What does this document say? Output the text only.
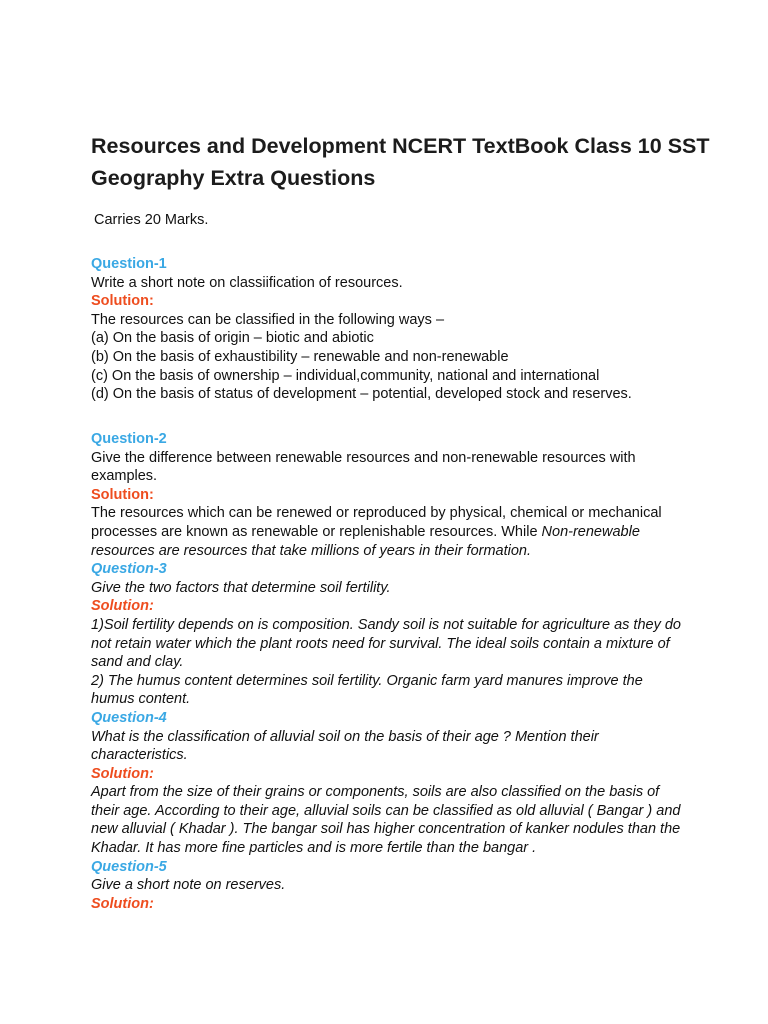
Resources and Development NCERT TextBook Class 10 SST Geography Extra Questions
Carries 20 Marks.

Question-1

Write a short note on classiification of resources.

Solution:

The resources can be classified in the following ways –

(a) On the basis of origin – biotic and abiotic

(b) On the basis of exhaustibility – renewable and non-renewable

(c) On the basis of ownership – individual,community, national and international

(d) On the basis of status of development – potential, developed stock and reserves.

Question-2

Give the difference between renewable resources and non-renewable resources with examples.

Solution:

The resources which can be renewed or reproduced by physical, chemical or mechanical processes are known as renewable or replenishable resources. While Non-renewable resources are resources that take millions of years in their formation.

Question-3

Give the two factors that determine soil fertility.

Solution:

1)Soil fertility depends on is composition. Sandy soil is not suitable for agriculture as they do not retain water which the plant roots need for survival. The ideal soils contain a mixture of sand and clay.

2) The humus content determines soil fertility. Organic farm yard manures improve the humus content.

Question-4

What is the classification of alluvial soil on the basis of their age ? Mention their characteristics.

Solution:

Apart from the size of their grains or components, soils are also classified on the basis of their age. According to their age, alluvial soils can be classified as old alluvial ( Bangar ) and new alluvial ( Khadar ). The bangar soil has higher concentration of kanker nodules than the Khadar. It has more fine particles and is more fertile than the bangar .

Question-5

Give a short note on reserves.

Solution:
